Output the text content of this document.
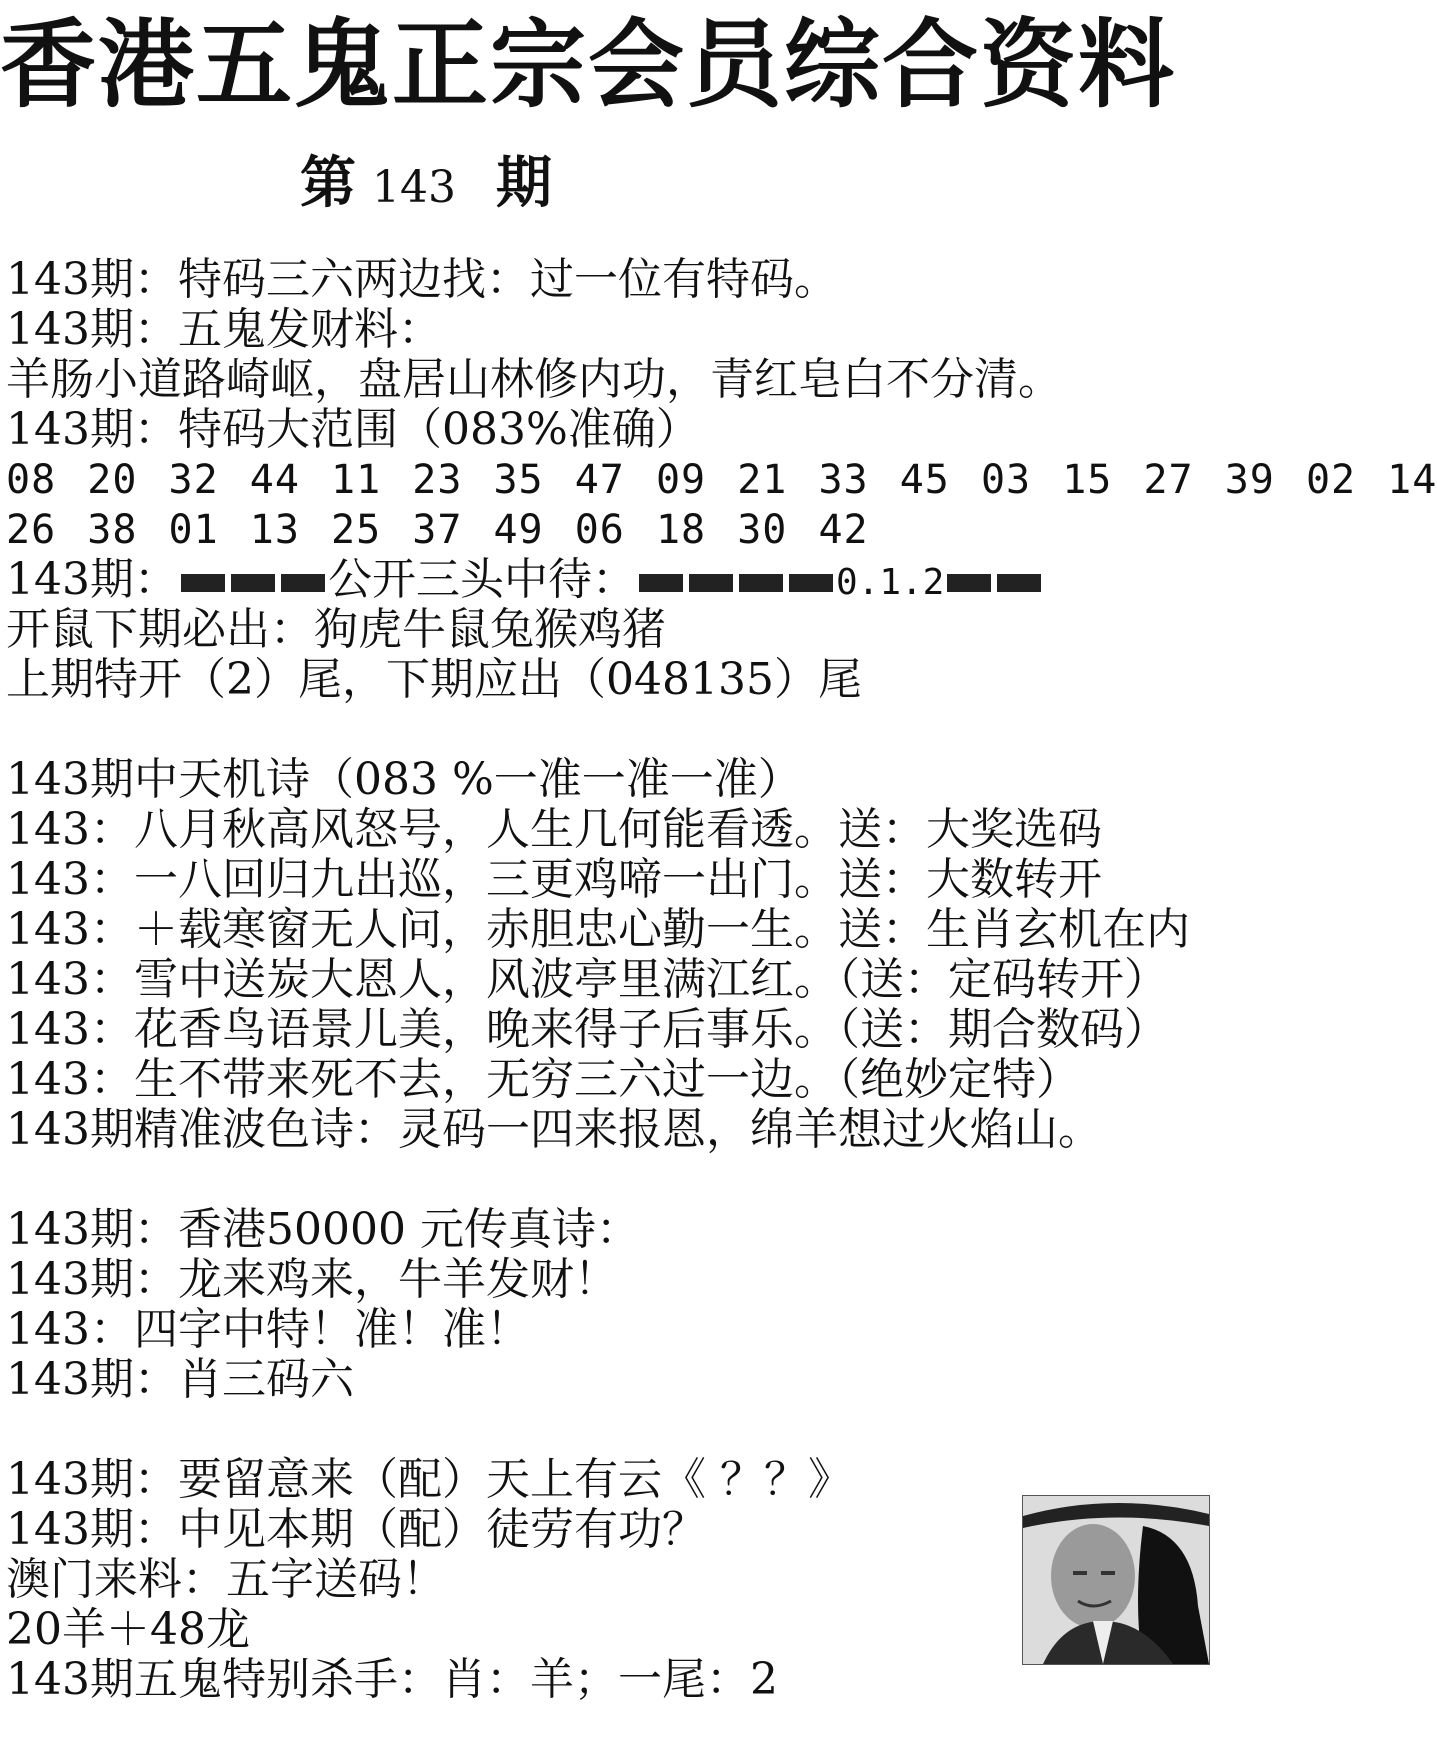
香港五鬼正宗会员综合资料
第 143 期
143期：特码三六两边找：过一位有特码。
143期：五鬼发财料：
羊肠小道路崎岖，盘居山林修内功，青红皂白不分清。
143期：特码大范围（083%准确）
08 20 32 44 11 23 35 47 09 21 33 45 03 15 27 39 02 14
26 38 01 13 25 37 49 06 18 30 42
143期：	公开三头中待：	0.1.2
开鼠下期必出：狗虎牛鼠兔猴鸡猪
上期特开（2）尾，下期应出（048135）尾
143期中天机诗（083 %一准一准一准）
143：八月秋高风怒号，人生几何能看透。送：大奖选码
143：一八回归九出巡，三更鸡啼一出门。送：大数转开
143：＋载寒窗无人问，赤胆忠心勤一生。送：生肖玄机在内
143：雪中送炭大恩人，风波亭里满江红。（送：定码转开）
143：花香鸟语景儿美，晚来得子后事乐。（送：期合数码）
143：生不带来死不去，无穷三六过一边。（绝妙定特）
143期精准波色诗：灵码一四来报恩，绵羊想过火焰山。
143期：香港50000 元传真诗：
143期：龙来鸡来，牛羊发财！
143：四字中特！准！准！
143期：肖三码六
143期：要留意来（配）天上有云《 ？？》
143期：中见本期（配）徒劳有功？
澳门来料：五字送码！
20羊＋48龙
143期五鬼特别杀手：肖：羊；一尾：2
